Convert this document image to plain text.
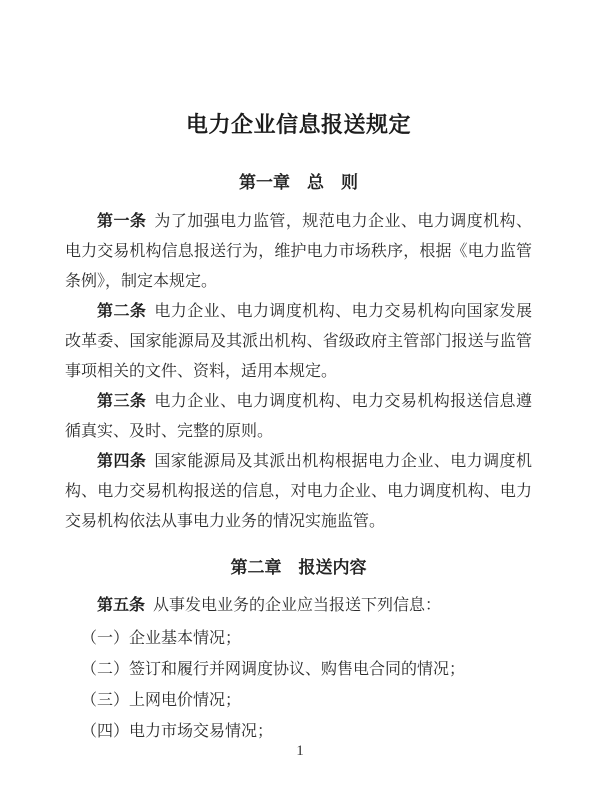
电力企业信息报送规定
第一章　总　则

第一条 为了加强电力监管，规范电力企业、电力调度机构、电力交易机构信息报送行为，维护电力市场秩序，根据《电力监管条例》，制定本规定。

第二条 电力企业、电力调度机构、电力交易机构向国家发展改革委、国家能源局及其派出机构、省级政府主管部门报送与监管事项相关的文件、资料，适用本规定。

第三条 电力企业、电力调度机构、电力交易机构报送信息遵循真实、及时、完整的原则。

第四条 国家能源局及其派出机构根据电力企业、电力调度机构、电力交易机构报送的信息，对电力企业、电力调度机构、电力交易机构依法从事电力业务的情况实施监管。

第二章　报送内容

第五条 从事发电业务的企业应当报送下列信息：

（一）企业基本情况；

（二）签订和履行并网调度协议、购售电合同的情况；

（三）上网电价情况；

（四）电力市场交易情况；

1
